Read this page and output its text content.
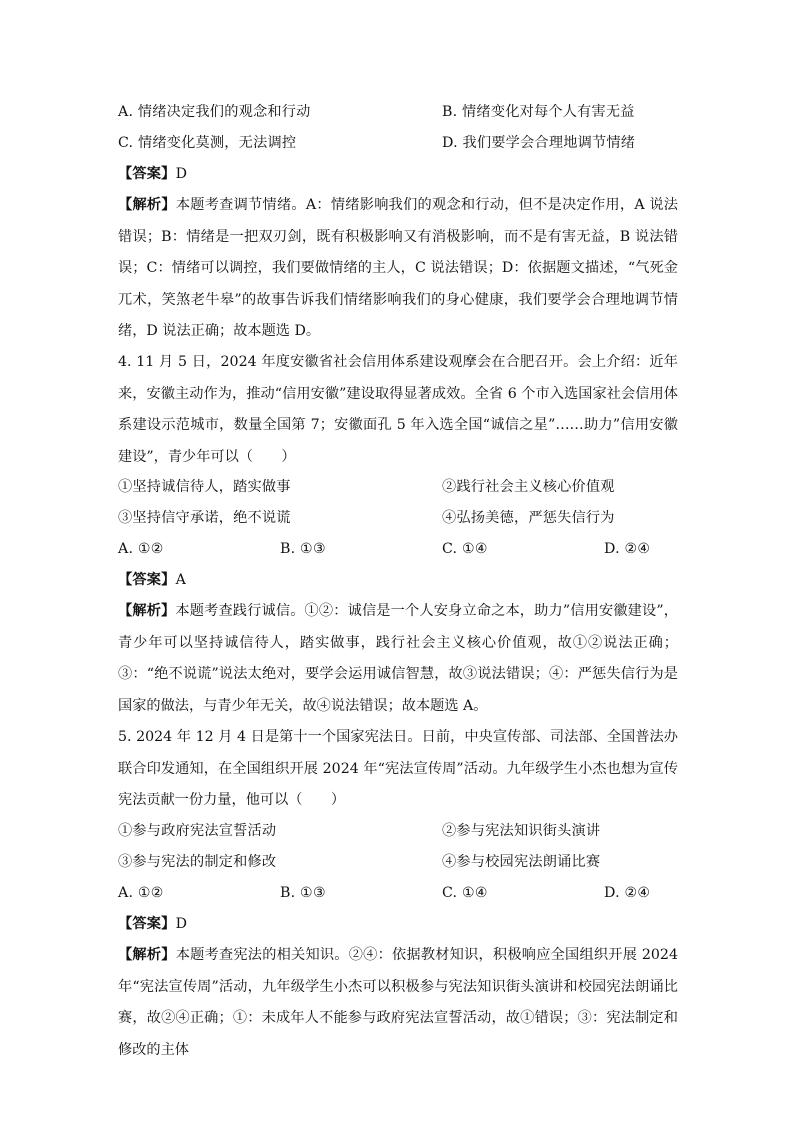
A. 情绪决定我们的观念和行动	B. 情绪变化对每个人有害无益
C. 情绪变化莫测，无法调控	D. 我们要学会合理地调节情绪
【答案】D
【解析】本题考查调节情绪。A：情绪影响我们的观念和行动，但不是决定作用，A 说法错误；B：情绪是一把双刃剑，既有积极影响又有消极影响，而不是有害无益，B 说法错误；C：情绪可以调控，我们要做情绪的主人，C 说法错误；D：依据题文描述，“气死金兀术，笑煞老牛皋”的故事告诉我们情绪影响我们的身心健康，我们要学会合理地调节情绪，D 说法正确；故本题选 D。
4. 11 月 5 日，2024 年度安徽省社会信用体系建设观摩会在合肥召开。会上介绍：近年来，安徽主动作为，推动“信用安徽”建设取得显著成效。全省 6 个市入选国家社会信用体系建设示范城市，数量全国第 7；安徽面孔 5 年入选全国“诚信之星”……助力”信用安徽建设”，青少年可以（　　）
①坚持诚信待人，踏实做事	②践行社会主义核心价值观
③坚持信守承诺，绝不说谎	④弘扬美德，严惩失信行为
A. ①②	B. ①③	C. ①④	D. ②④
【答案】A
【解析】本题考查践行诚信。①②：诚信是一个人安身立命之本，助力”信用安徽建设”，青少年可以坚持诚信待人，踏实做事，践行社会主义核心价值观，故①②说法正确；③：“绝不说谎”说法太绝对，要学会运用诚信智慧，故③说法错误；④：严惩失信行为是国家的做法，与青少年无关，故④说法错误；故本题选 A。
5. 2024 年 12 月 4 日是第十一个国家宪法日。日前，中央宣传部、司法部、全国普法办联合印发通知，在全国组织开展 2024 年“宪法宣传周”活动。九年级学生小杰也想为宣传宪法贡献一份力量，他可以（　　）
①参与政府宪法宣誓活动	②参与宪法知识街头演讲
③参与宪法的制定和修改	④参与校园宪法朗诵比赛
A. ①②	B. ①③	C. ①④	D. ②④
【答案】D
【解析】本题考查宪法的相关知识。②④：依据教材知识，积极响应全国组织开展 2024 年“宪法宣传周”活动，九年级学生小杰可以积极参与宪法知识街头演讲和校园宪法朗诵比赛，故②④正确；①：未成年人不能参与政府宪法宣誓活动，故①错误；③：宪法制定和修改的主体
